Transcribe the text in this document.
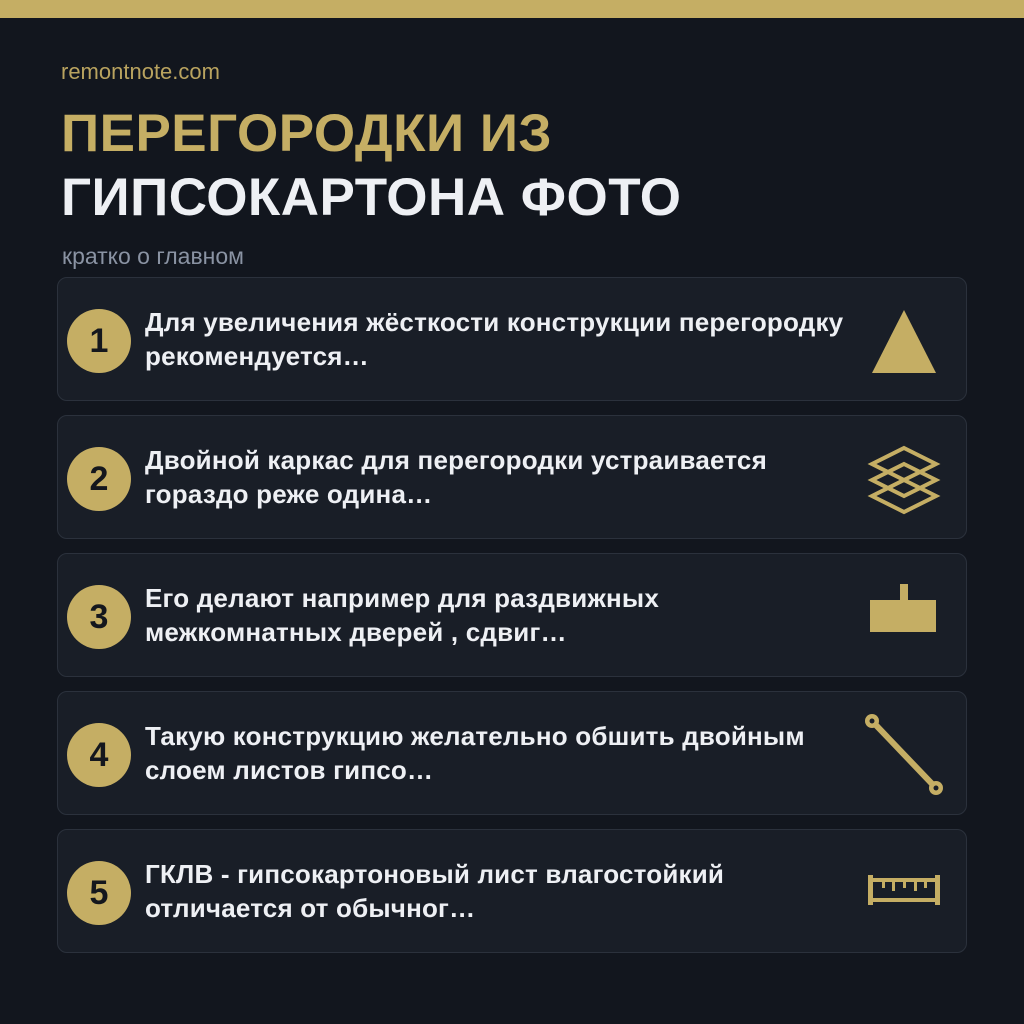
remontnote.com
ПЕРЕГОРОДКИ ИЗ
ГИПСОКАРТОНА ФОТО
кратко о главном
1	Для увеличения жёсткости конструкции перегородку рекомендуется…
2	Двойной каркас для перегородки устраивается гораздо реже одина…
3	Его делают например для раздвижных межкомнатных дверей , сдвиг…
4	Такую конструкцию желательно обшить двойным слоем листов гипсо…
5	ГКЛВ - гипсокартоновый лист влагостойкий отличается от обычног…
